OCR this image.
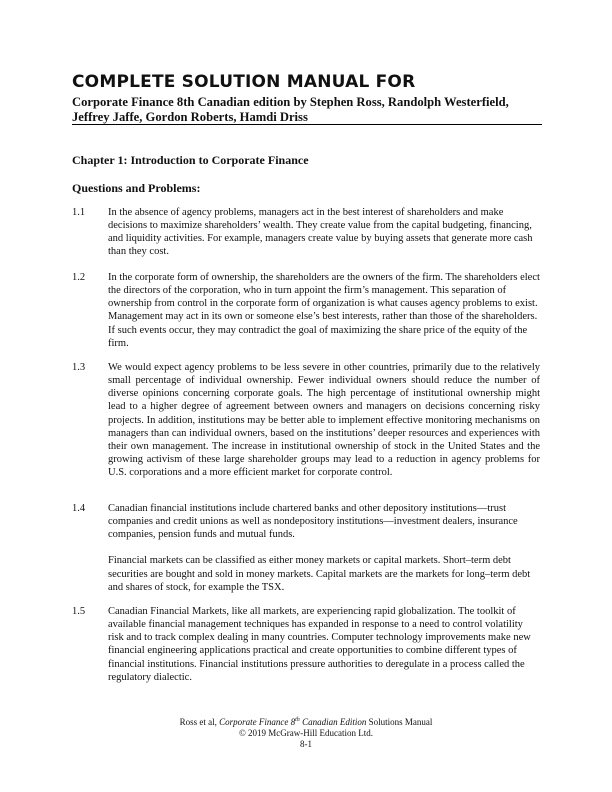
COMPLETE SOLUTION MANUAL FOR
Corporate Finance 8th Canadian edition by Stephen Ross, Randolph Westerfield, Jeffrey Jaffe, Gordon Roberts, Hamdi Driss
Chapter 1: Introduction to Corporate Finance
Questions and Problems:
1.1 In the absence of agency problems, managers act in the best interest of shareholders and make decisions to maximize shareholders’ wealth. They create value from the capital budgeting, financing, and liquidity activities. For example, managers create value by buying assets that generate more cash than they cost.
1.2 In the corporate form of ownership, the shareholders are the owners of the firm. The shareholders elect the directors of the corporation, who in turn appoint the firm’s management. This separation of ownership from control in the corporate form of organization is what causes agency problems to exist. Management may act in its own or someone else’s best interests, rather than those of the shareholders. If such events occur, they may contradict the goal of maximizing the share price of the equity of the firm.
1.3 We would expect agency problems to be less severe in other countries, primarily due to the relatively small percentage of individual ownership. Fewer individual owners should reduce the number of diverse opinions concerning corporate goals. The high percentage of institutional ownership might lead to a higher degree of agreement between owners and managers on decisions concerning risky projects. In addition, institutions may be better able to implement effective monitoring mechanisms on managers than can individual owners, based on the institutions’ deeper resources and experiences with their own management. The increase in institutional ownership of stock in the United States and the growing activism of these large shareholder groups may lead to a reduction in agency problems for U.S. corporations and a more efficient market for corporate control.
1.4 Canadian financial institutions include chartered banks and other depository institutions—trust companies and credit unions as well as nondepository institutions—investment dealers, insurance companies, pension funds and mutual funds.
Financial markets can be classified as either money markets or capital markets. Short–term debt securities are bought and sold in money markets. Capital markets are the markets for long–term debt and shares of stock, for example the TSX.
1.5 Canadian Financial Markets, like all markets, are experiencing rapid globalization. The toolkit of available financial management techniques has expanded in response to a need to control volatility risk and to track complex dealing in many countries. Computer technology improvements make new financial engineering applications practical and create opportunities to combine different types of financial institutions. Financial institutions pressure authorities to deregulate in a process called the regulatory dialectic.
Ross et al, Corporate Finance 8th Canadian Edition Solutions Manual
© 2019 McGraw-Hill Education Ltd.
8-1
